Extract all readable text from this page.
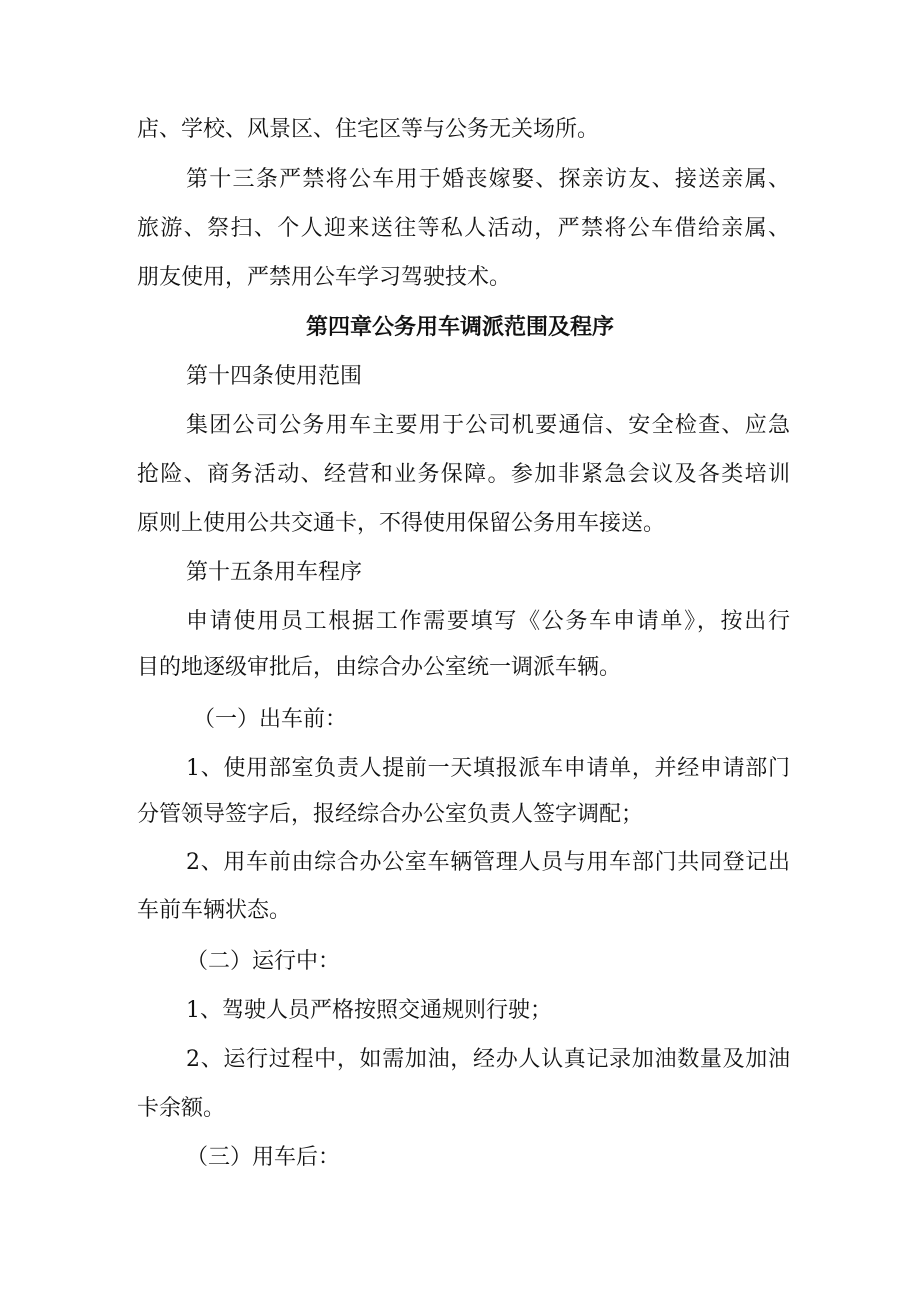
店、学校、风景区、住宅区等与公务无关场所。
第十三条严禁将公车用于婚丧嫁娶、探亲访友、接送亲属、
旅游、祭扫、个人迎来送往等私人活动，严禁将公车借给亲属、
朋友使用，严禁用公车学习驾驶技术。
第四章公务用车调派范围及程序
第十四条使用范围
集团公司公务用车主要用于公司机要通信、安全检查、应急
抢险、商务活动、经营和业务保障。参加非紧急会议及各类培训
原则上使用公共交通卡，不得使用保留公务用车接送。
第十五条用车程序
申请使用员工根据工作需要填写《公务车申请单》，按出行
目的地逐级审批后，由综合办公室统一调派车辆。
（一）出车前：
1、使用部室负责人提前一天填报派车申请单，并经申请部门
分管领导签字后，报经综合办公室负责人签字调配；
2、用车前由综合办公室车辆管理人员与用车部门共同登记出
车前车辆状态。
（二）运行中：
1、驾驶人员严格按照交通规则行驶；
2、运行过程中，如需加油，经办人认真记录加油数量及加油
卡余额。
（三）用车后：
